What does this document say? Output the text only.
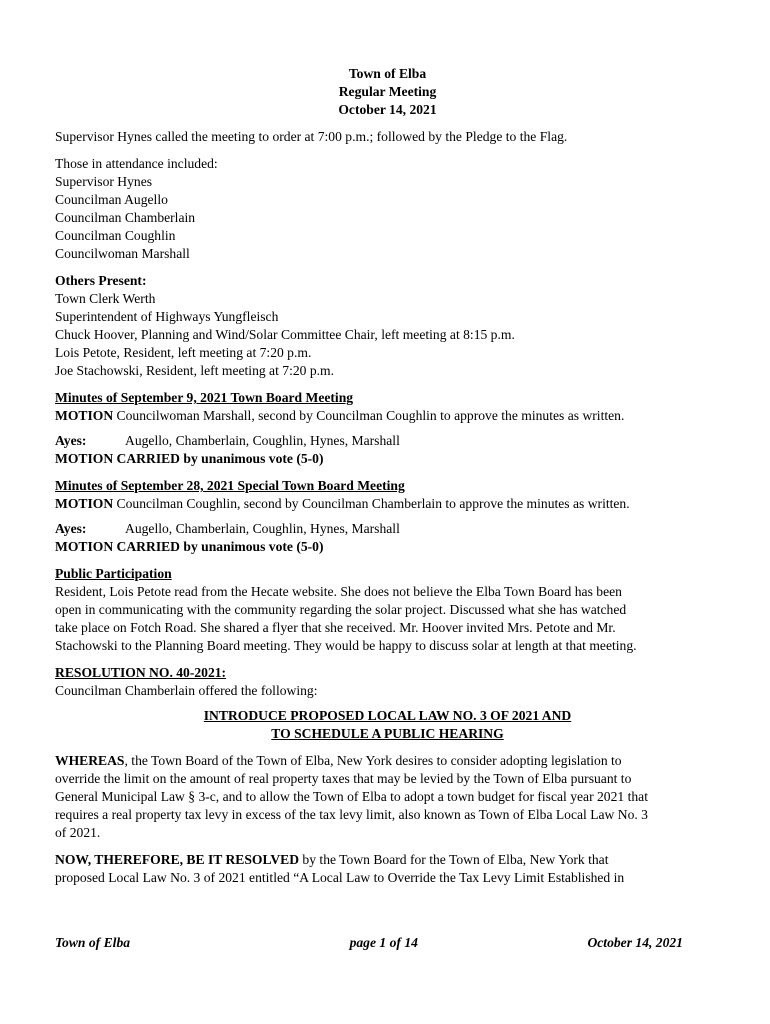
Town of Elba
Regular Meeting
October 14, 2021

Supervisor Hynes called the meeting to order at 7:00 p.m.; followed by the Pledge to the Flag.

Those in attendance included:
Supervisor Hynes
Councilman Augello
Councilman Chamberlain
Councilman Coughlin
Councilwoman Marshall
Others Present:
Town Clerk Werth
Superintendent of Highways Yungfleisch
Chuck Hoover, Planning and Wind/Solar Committee Chair, left meeting at 8:15 p.m.
Lois Petote, Resident, left meeting at 7:20 p.m.
Joe Stachowski, Resident, left meeting at 7:20 p.m.
Minutes of September 9, 2021 Town Board Meeting
MOTION Councilwoman Marshall, second by Councilman Coughlin to approve the minutes as written.
Ayes:	Augello, Chamberlain, Coughlin, Hynes, Marshall
MOTION CARRIED by unanimous vote (5-0)
Minutes of September 28, 2021 Special Town Board Meeting
MOTION Councilman Coughlin, second by Councilman Chamberlain to approve the minutes as written.
Ayes:	Augello, Chamberlain, Coughlin, Hynes, Marshall
MOTION CARRIED by unanimous vote (5-0)
Public Participation
Resident, Lois Petote read from the Hecate website. She does not believe the Elba Town Board has been
open in communicating with the community regarding the solar project. Discussed what she has watched
take place on Fotch Road. She shared a flyer that she received. Mr. Hoover invited Mrs. Petote and Mr.
Stachowski to the Planning Board meeting. They would be happy to discuss solar at length at that meeting.
RESOLUTION NO. 40-2021:
Councilman Chamberlain offered the following:
INTRODUCE PROPOSED LOCAL LAW NO. 3 OF 2021 AND
TO SCHEDULE A PUBLIC HEARING
WHEREAS, the Town Board of the Town of Elba, New York desires to consider adopting legislation to
override the limit on the amount of real property taxes that may be levied by the Town of Elba pursuant to
General Municipal Law § 3-c, and to allow the Town of Elba to adopt a town budget for fiscal year 2021 that
requires a real property tax levy in excess of the tax levy limit, also known as Town of Elba Local Law No. 3
of 2021.
NOW, THEREFORE, BE IT RESOLVED by the Town Board for the Town of Elba, New York that
proposed Local Law No. 3 of 2021 entitled “A Local Law to Override the Tax Levy Limit Established in
Town of Elba	page 1 of 14	October 14, 2021
